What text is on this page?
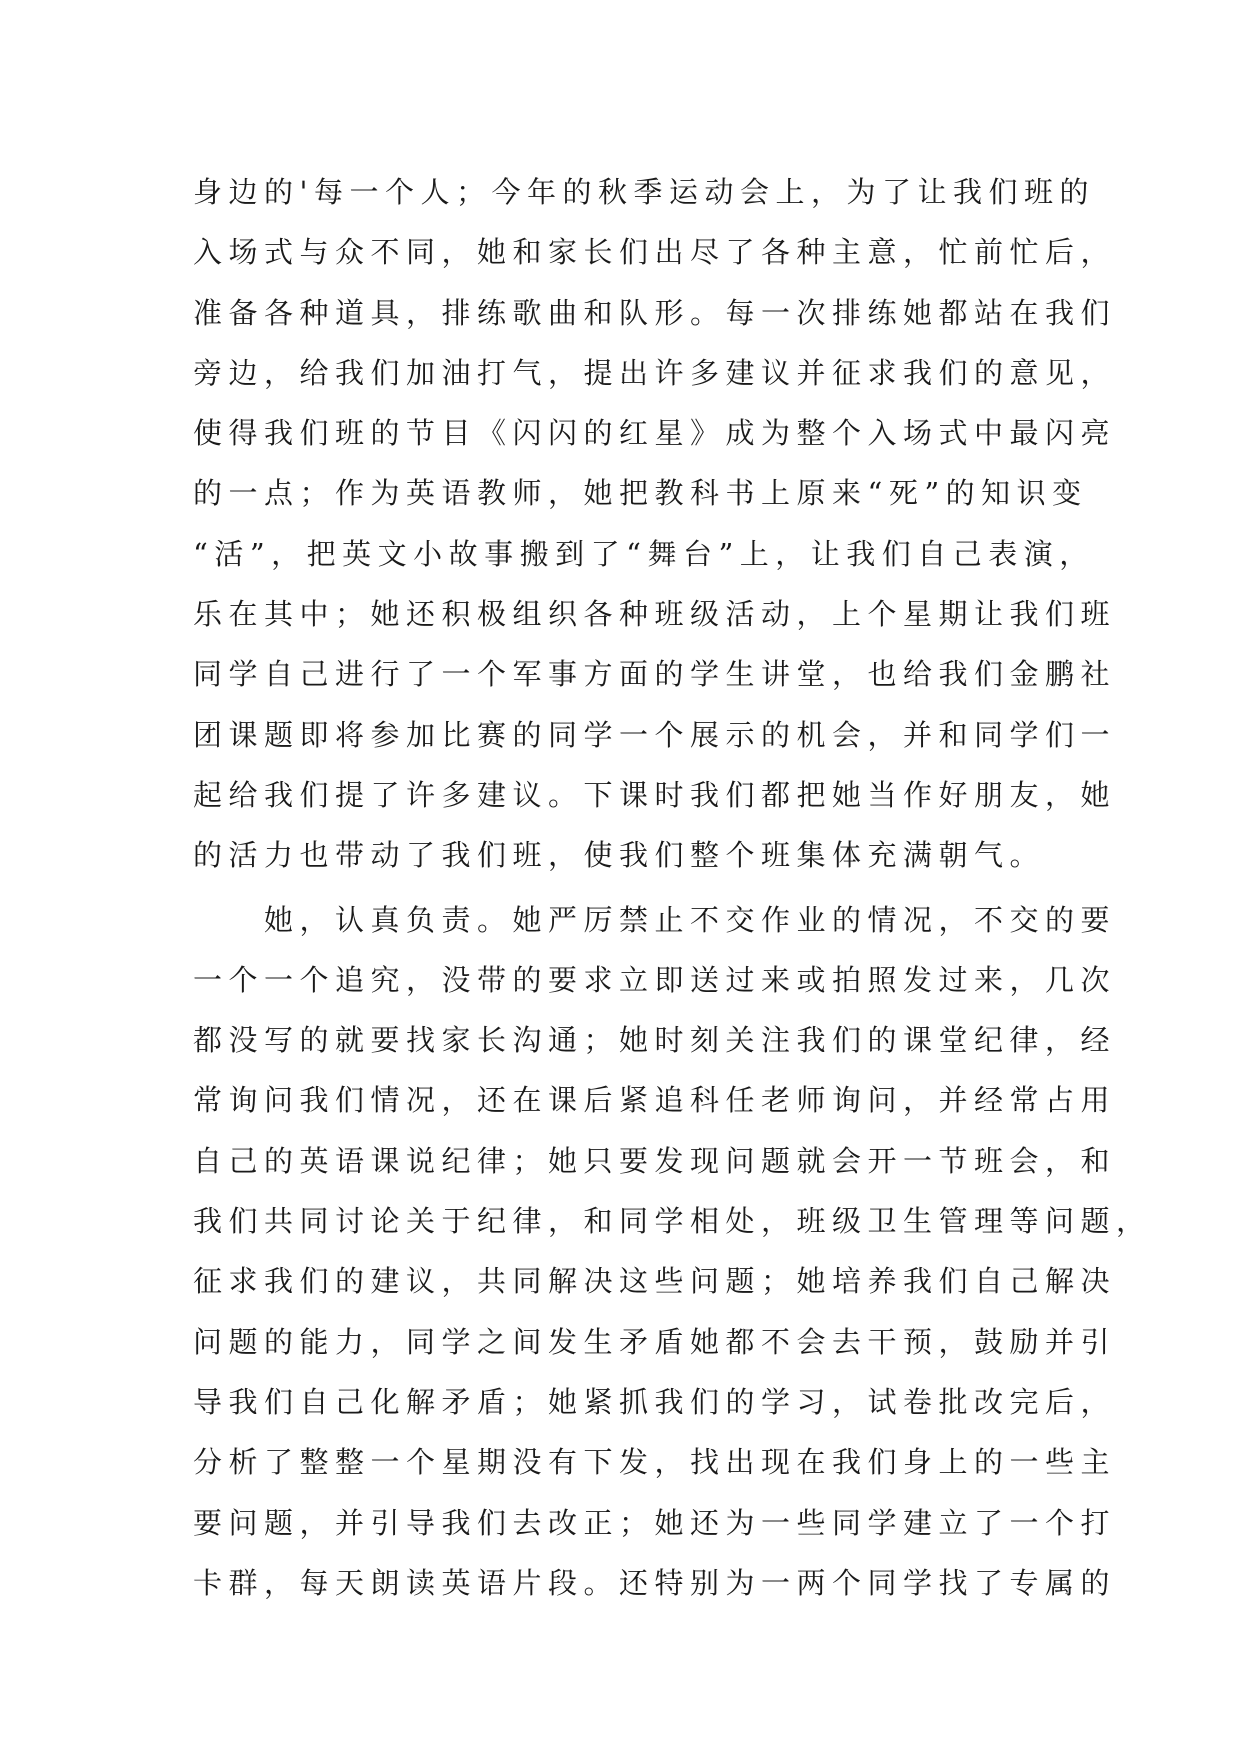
身边的'每一个人；今年的秋季运动会上，为了让我们班的
入场式与众不同，她和家长们出尽了各种主意，忙前忙后，
准备各种道具，排练歌曲和队形。每一次排练她都站在我们
旁边，给我们加油打气，提出许多建议并征求我们的意见，
使得我们班的节目《闪闪的红星》成为整个入场式中最闪亮
的一点；作为英语教师，她把教科书上原来“死”的知识变
“活”，把英文小故事搬到了“舞台”上，让我们自己表演，
乐在其中；她还积极组织各种班级活动，上个星期让我们班
同学自己进行了一个军事方面的学生讲堂，也给我们金鹏社
团课题即将参加比赛的同学一个展示的机会，并和同学们一
起给我们提了许多建议。下课时我们都把她当作好朋友，她
的活力也带动了我们班，使我们整个班集体充满朝气。
　　她，认真负责。她严厉禁止不交作业的情况，不交的要
一个一个追究，没带的要求立即送过来或拍照发过来，几次
都没写的就要找家长沟通；她时刻关注我们的课堂纪律，经
常询问我们情况，还在课后紧追科任老师询问，并经常占用
自己的英语课说纪律；她只要发现问题就会开一节班会，和
我们共同讨论关于纪律，和同学相处，班级卫生管理等问题，
征求我们的建议，共同解决这些问题；她培养我们自己解决
问题的能力，同学之间发生矛盾她都不会去干预，鼓励并引
导我们自己化解矛盾；她紧抓我们的学习，试卷批改完后，
分析了整整一个星期没有下发，找出现在我们身上的一些主
要问题，并引导我们去改正；她还为一些同学建立了一个打
卡群，每天朗读英语片段。还特别为一两个同学找了专属的
